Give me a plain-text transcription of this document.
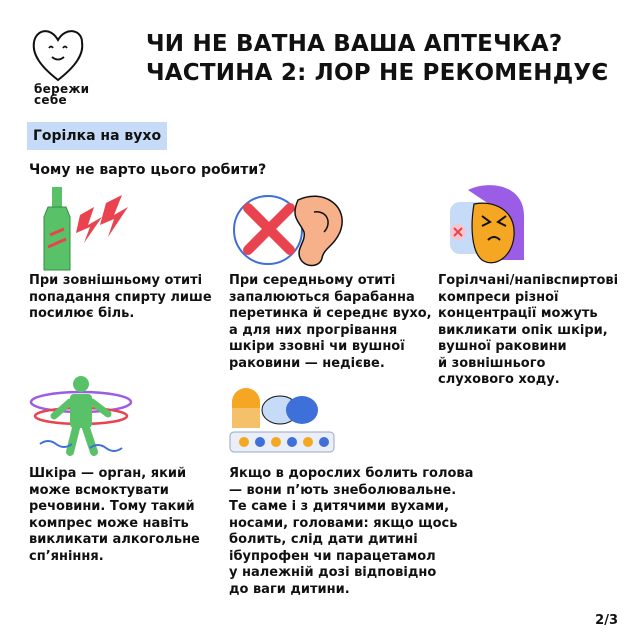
бережи
себе
ЧИ НЕ ВАТНА ВАША АПТЕЧКА?
ЧАСТИНА 2: ЛОР НЕ РЕКОМЕНДУЄ
Горілка на вухо
Чому не варто цього робити?
При зовнішньому отиті
попадання спирту лише
посилює біль.
При середньому отиті
запалюються барабанна
перетинка й середнє вухо,
а для них прогрівання
шкіри ззовні чи вушної
раковини — недієве.
Горілчані/напівспиртові
компреси різної
концентрації можуть
викликати опік шкіри,
вушної раковини
й зовнішнього
слухового ходу.
Шкіра — орган, який
може всмоктувати
речовини. Тому такий
компрес може навіть
викликати алкогольне
сп’яніння.
Якщо в дорослих болить голова
— вони п’ють знеболювальне.
Те саме і з дитячими вухами,
носами, головами: якщо щось
болить, слід дати дитині
ібупрофен чи парацетамол
у належній дозі відповідно
до ваги дитини.
2/3
